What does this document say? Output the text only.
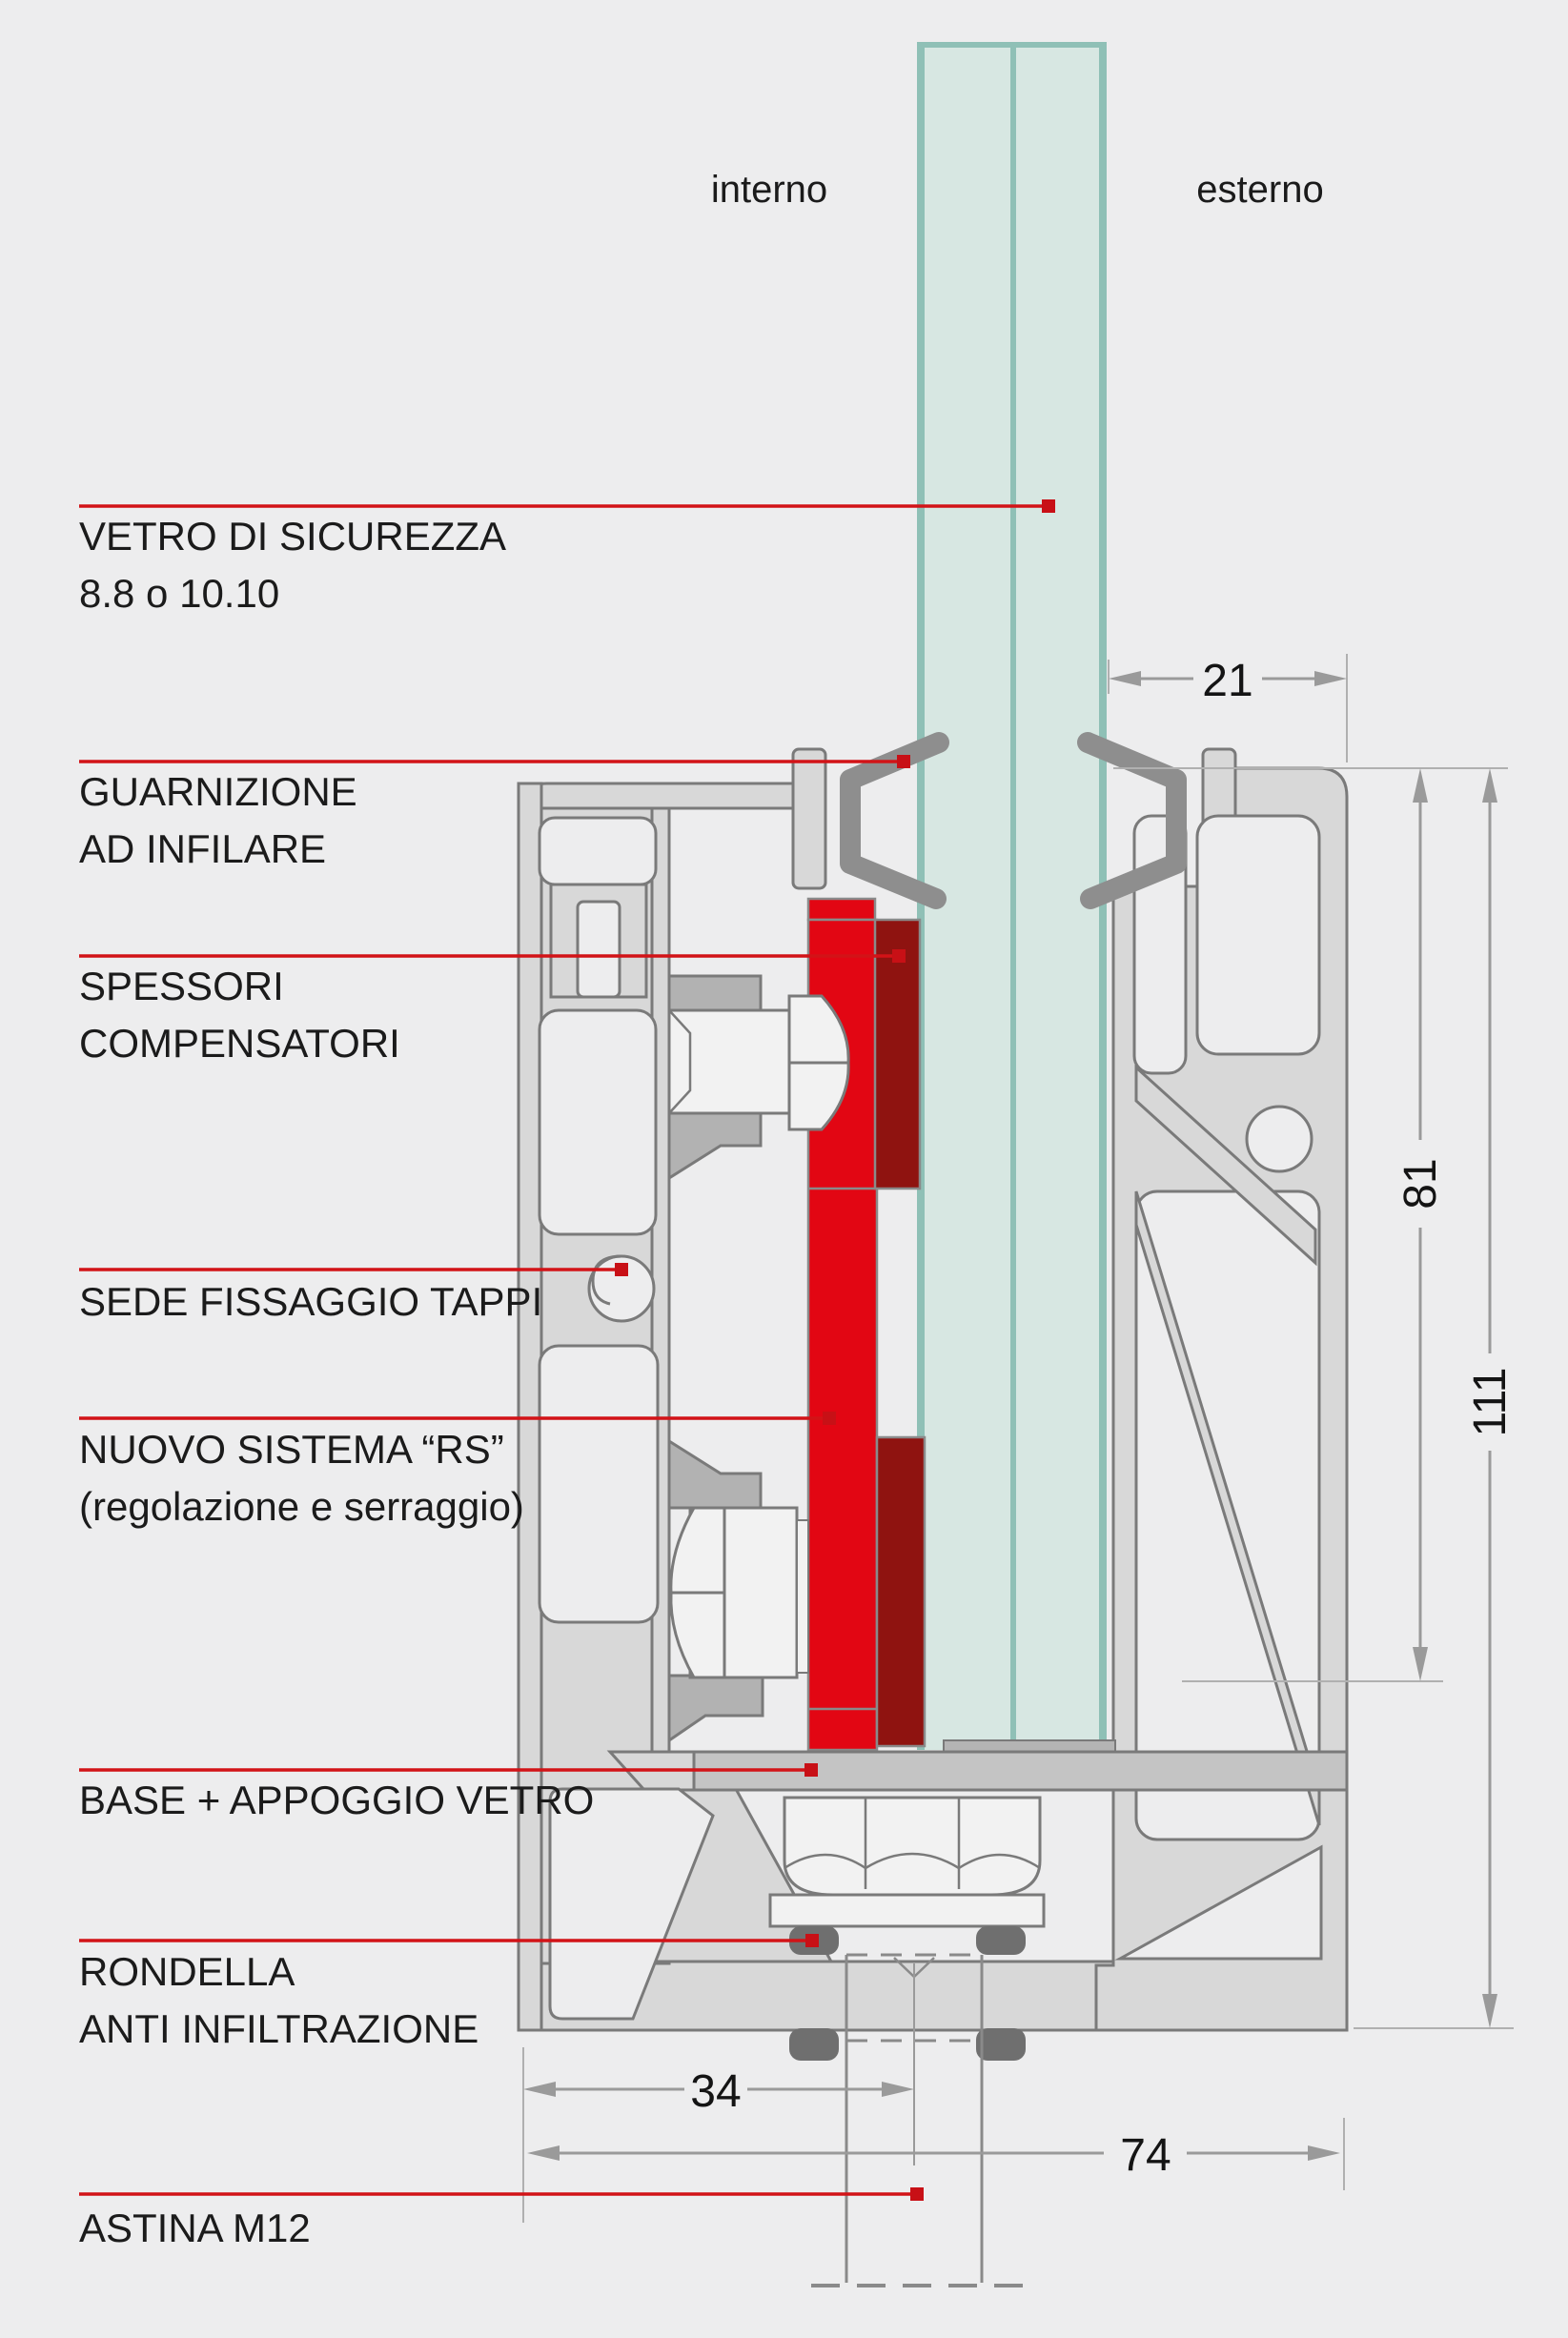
21
81
111
34
74
interno	esterno
VETRO DI SICUREZZA
8.8 o 10.10
GUARNIZIONE
AD INFILARE
SPESSORI
COMPENSATORI
SEDE FISSAGGIO TAPPI
NUOVO SISTEMA “RS”
(regolazione e serraggio)
BASE + APPOGGIO VETRO
RONDELLA
ANTI INFILTRAZIONE
ASTINA M12
